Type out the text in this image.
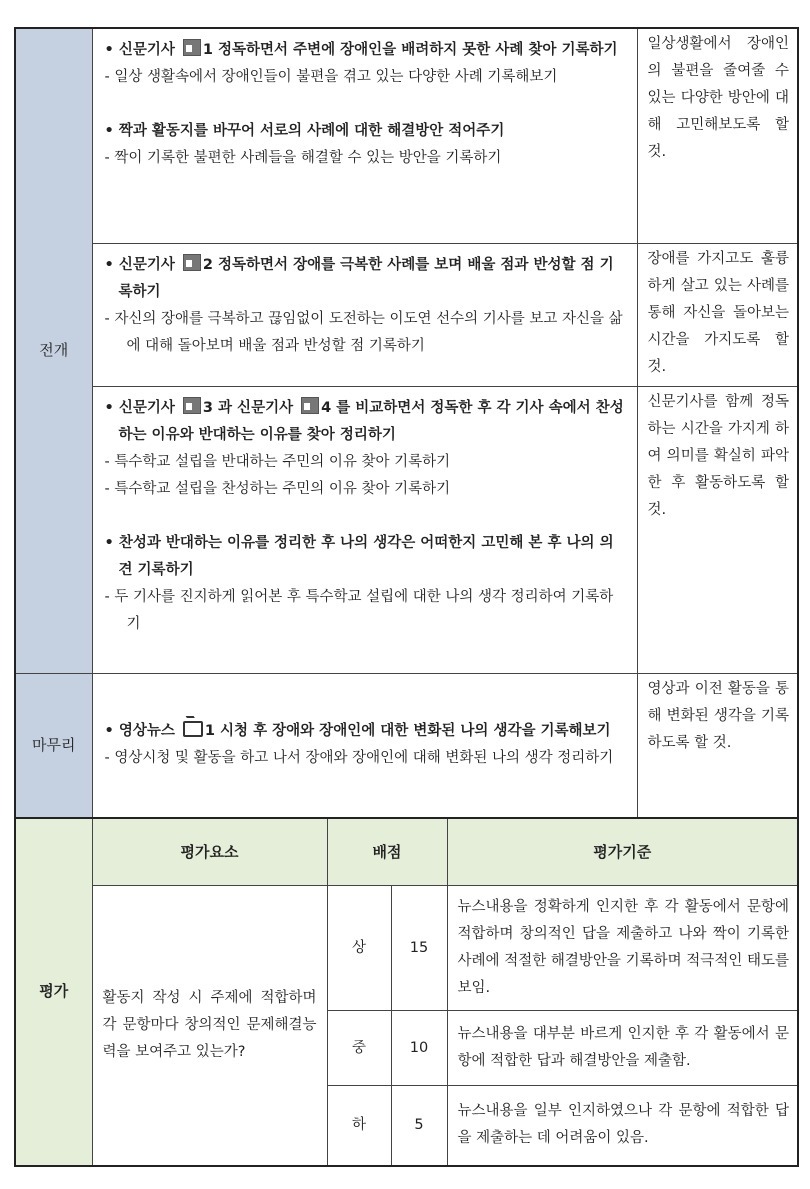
전개	• 신문기사 1 정독하면서 주변에 장애인을 배려하지 못한 사례 찾아 기록하기
- 일상 생활속에서 장애인들이 불편을 겪고 있는 다양한 사례 기록해보기
• 짝과 활동지를 바꾸어 서로의 사례에 대한 해결방안 적어주기
- 짝이 기록한 불편한 사례들을 해결할 수 있는 방안을 기록하기				일상생활에서 장애인의 불편을 줄여줄 수 있는 다양한 방안에 대해 고민해보도록 할 것.

	• 신문기사 2 정독하면서 장애를 극복한 사례를 보며 배울 점과 반성할 점 기록하기
- 자신의 장애를 극복하고 끊임없이 도전하는 이도연 선수의 기사를 보고 자신을 삶에 대해 돌아보며 배울 점과 반성할 점 기록하기				장애를 가지고도 훌륭하게 살고 있는 사례를 통해 자신을 돌아보는 시간을 가지도록 할 것.

	• 신문기사 3 과 신문기사 4 를 비교하면서 정독한 후 각 기사 속에서 찬성하는 이유와 반대하는 이유를 찾아 정리하기
- 특수학교 설립을 반대하는 주민의 이유 찾아 기록하기
- 특수학교 설립을 찬성하는 주민의 이유 찾아 기록하기
• 찬성과 반대하는 이유를 정리한 후 나의 생각은 어떠한지 고민해 본 후 나의 의견 기록하기
- 두 기사를 진지하게 읽어본 후 특수학교 설립에 대한 나의 생각 정리하여 기록하기				신문기사를 함께 정독하는 시간을 가지게 하여 의미를 확실히 파악한 후 활동하도록 할 것.
마무리	• 영상뉴스 1 시청 후 장애와 장애인에 대한 변화된 나의 생각을 기록해보기
- 영상시청 및 활동을 하고 나서 장애와 장애인에 대해 변화된 나의 생각 정리하기				영상과 이전 활동을 통해 변화된 생각을 기록하도록 할 것.
평가	평가요소	배점		평가기준	
	활동지 작성 시 주제에 적합하며 각 문항마다 창의적인 문제해결능력을 보여주고 있는가?	상	15	뉴스내용을 정확하게 인지한 후 각 활동에서 문항에 적합하며 창의적인 답을 제출하고 나와 짝이 기록한 사례에 적절한 해결방안을 기록하며 적극적인 태도를 보임.	
		중	10	뉴스내용을 대부분 바르게 인지한 후 각 활동에서 문항에 적합한 답과 해결방안을 제출함.	
		하	5	뉴스내용을 일부 인지하였으나 각 문항에 적합한 답을 제출하는 데 어려움이 있음.	
